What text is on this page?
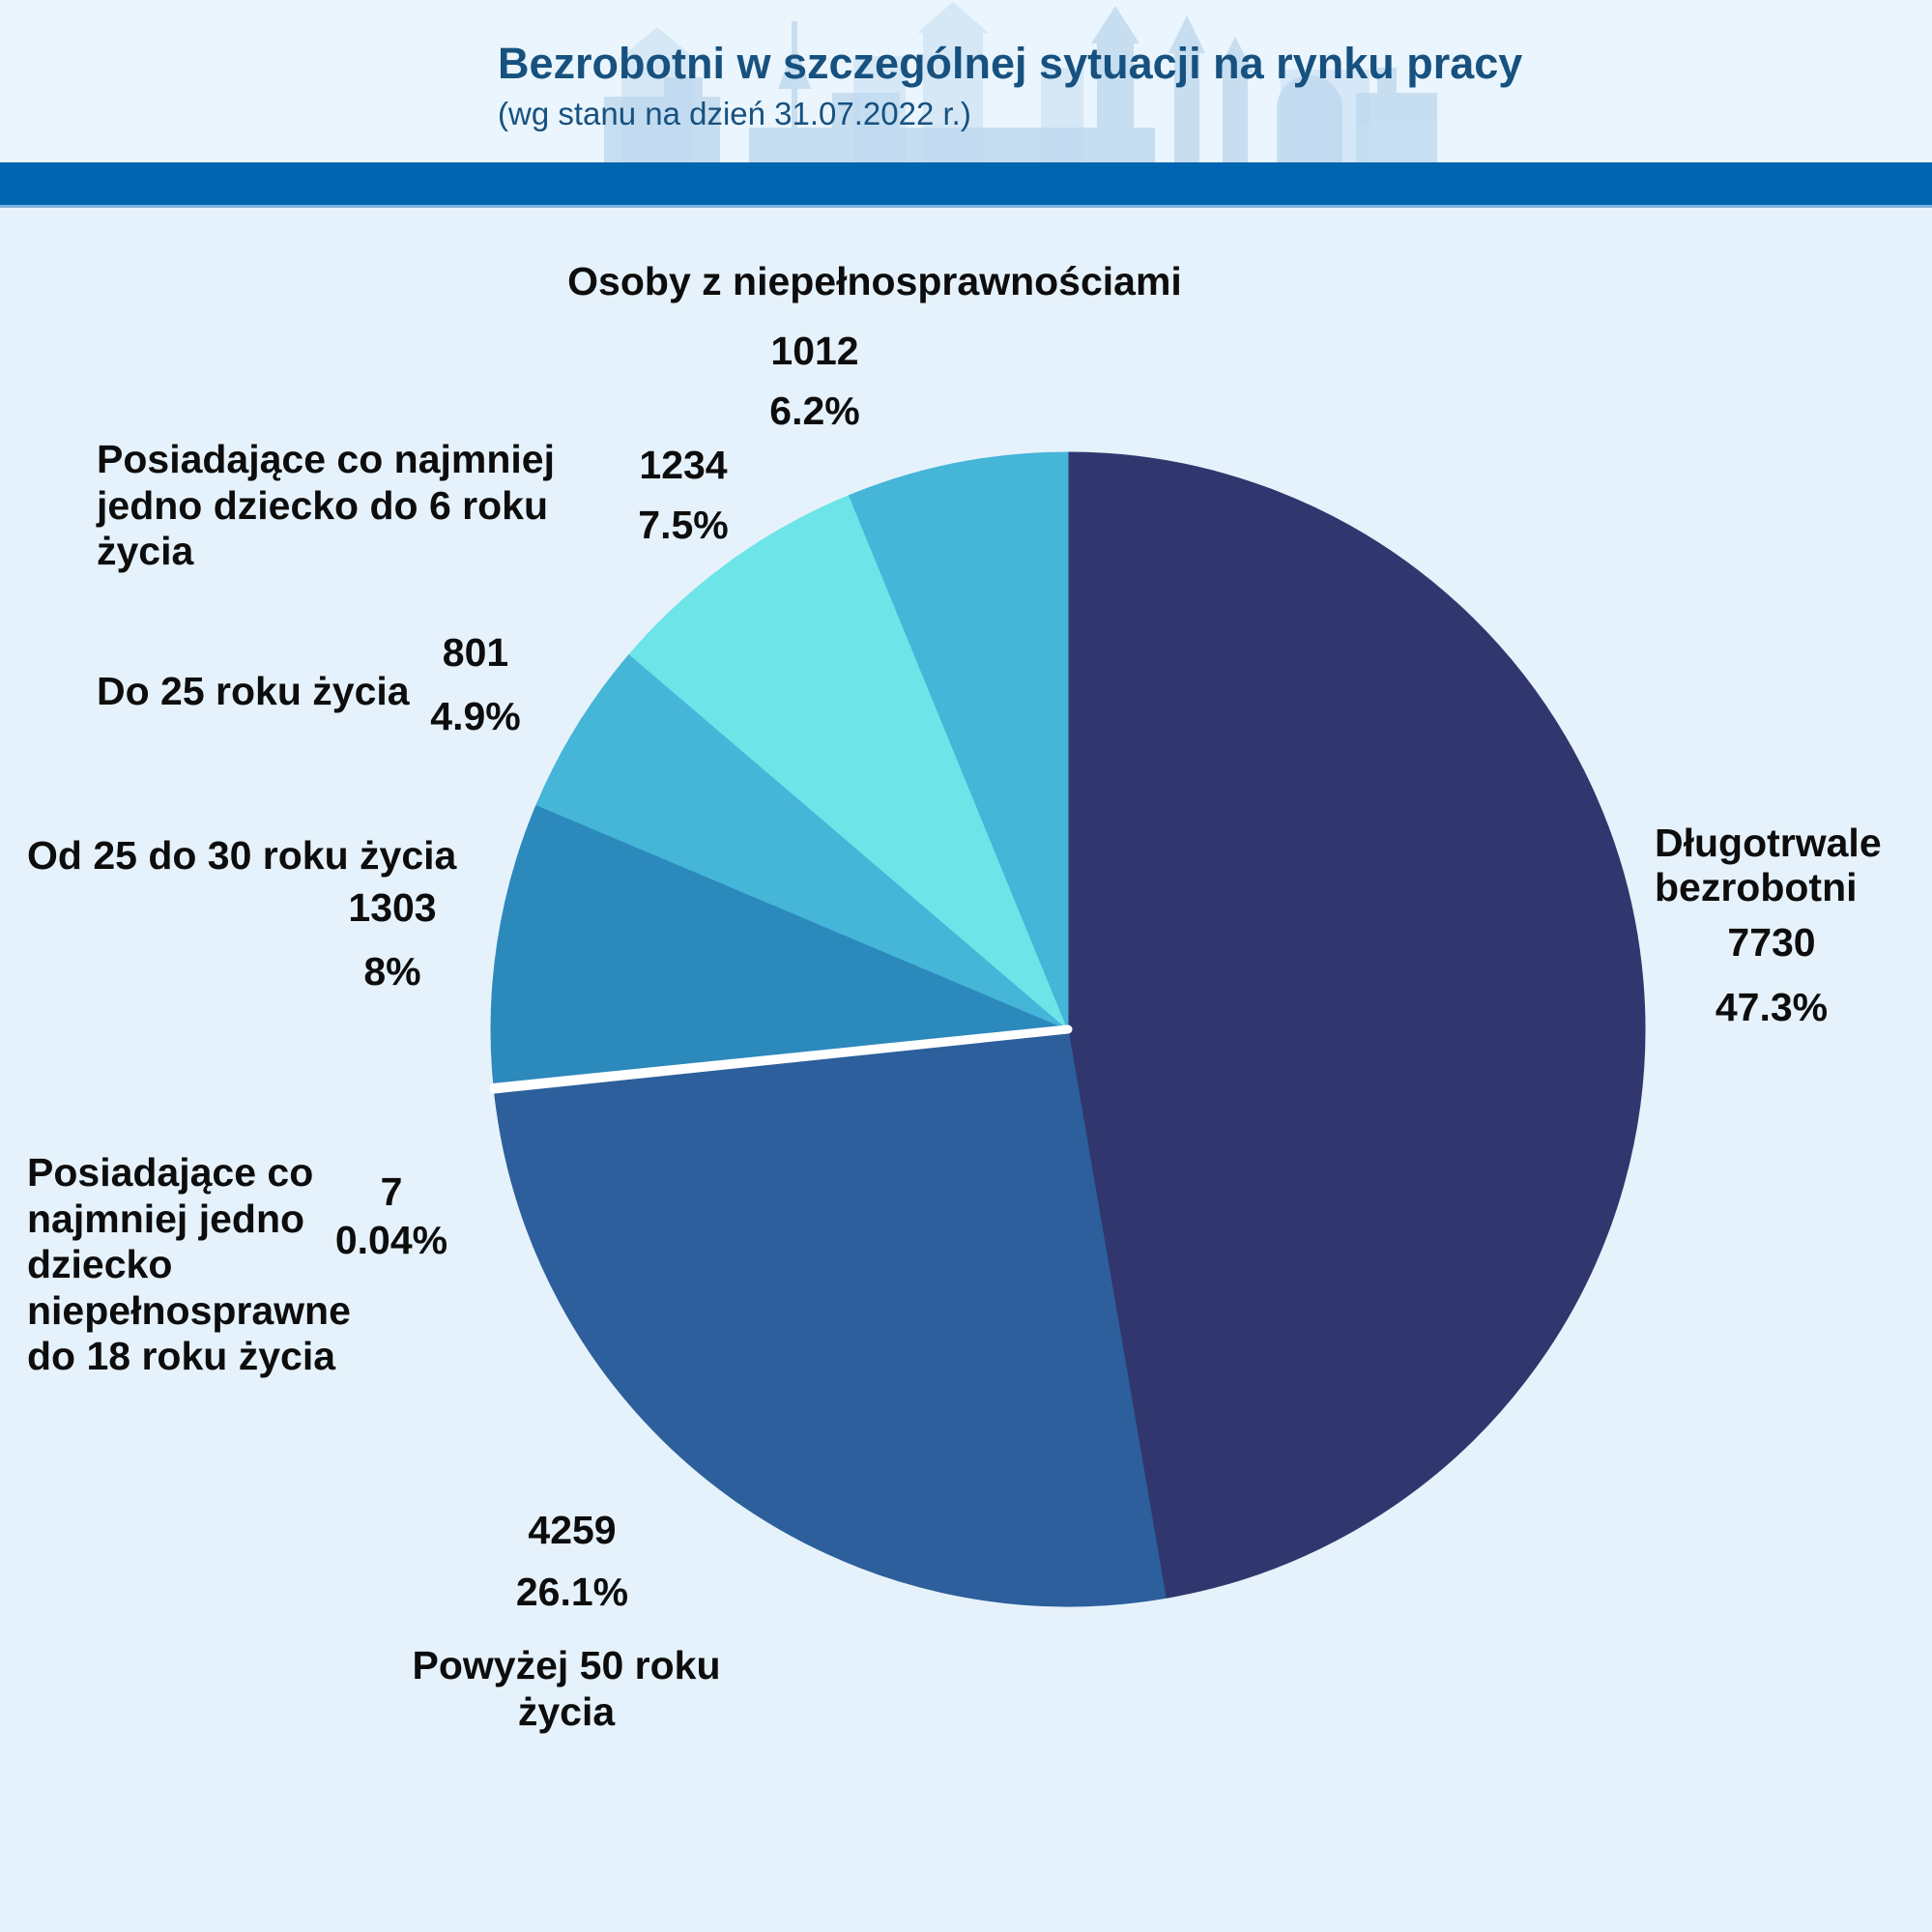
Bezrobotni w szczególnej sytuacji na rynku pracy
(wg stanu na dzień 31.07.2022 r.)
Osoby z niepełnosprawnościami
1012
6.2%
Posiadające co najmniej jedno dziecko do 6 roku życia
1234
7.5%
Do 25 roku życia
801
4.9%
Od 25 do 30 roku życia
1303
8%
Posiadające co najmniej jedno dziecko niepełnosprawne do 18 roku życia
7
0.04%
4259
26.1%
Powyżej 50 roku życia
Długotrwale bezrobotni
7730
47.3%
